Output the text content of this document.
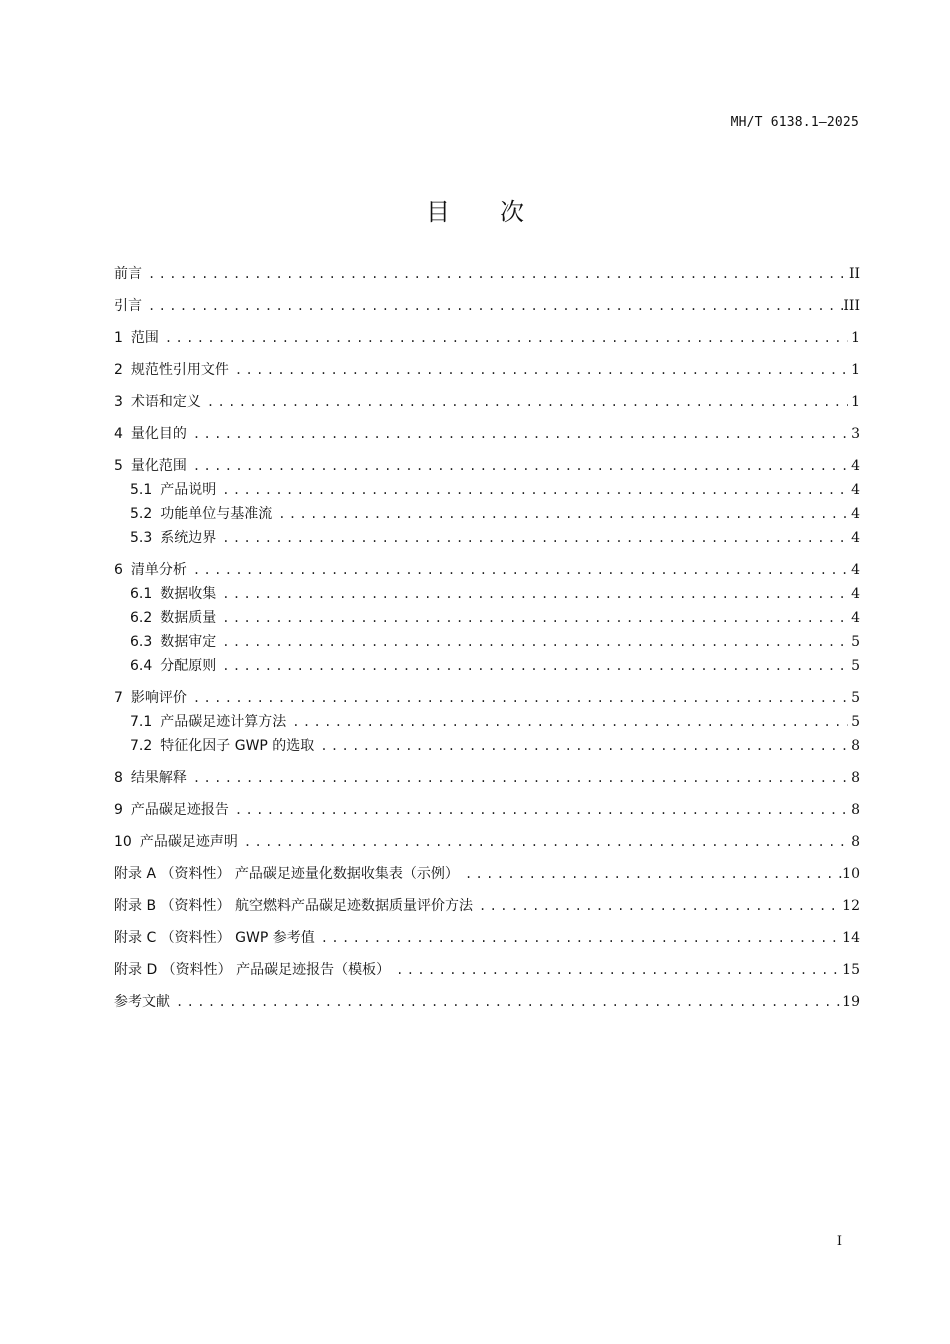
MH/T 6138.1—2025
目次
前言 .....	II
引言 .....	III
1 范围 .....	1
2 规范性引用文件 .....	1
3 术语和定义 .....	1
4 量化目的 .....	3
5 量化范围 .....	4
5.1 产品说明 .....	4
5.2 功能单位与基准流 .....	4
5.3 系统边界 .....	4
6 清单分析 .....	4
6.1 数据收集 .....	4
6.2 数据质量 .....	4
6.3 数据审定 .....	5
6.4 分配原则 .....	5
7 影响评价 .....	5
7.1 产品碳足迹计算方法 .....	5
7.2 特征化因子 GWP 的选取 .....	8
8 结果解释 .....	8
9 产品碳足迹报告 .....	8
10 产品碳足迹声明 .....	8
附录 A （资料性） 产品碳足迹量化数据收集表（示例） .....	10
附录 B （资料性） 航空燃料产品碳足迹数据质量评价方法 .....	12
附录 C （资料性） GWP 参考值 .....	14
附录 D （资料性） 产品碳足迹报告（模板） .....	15
参考文献 .....	19
I
